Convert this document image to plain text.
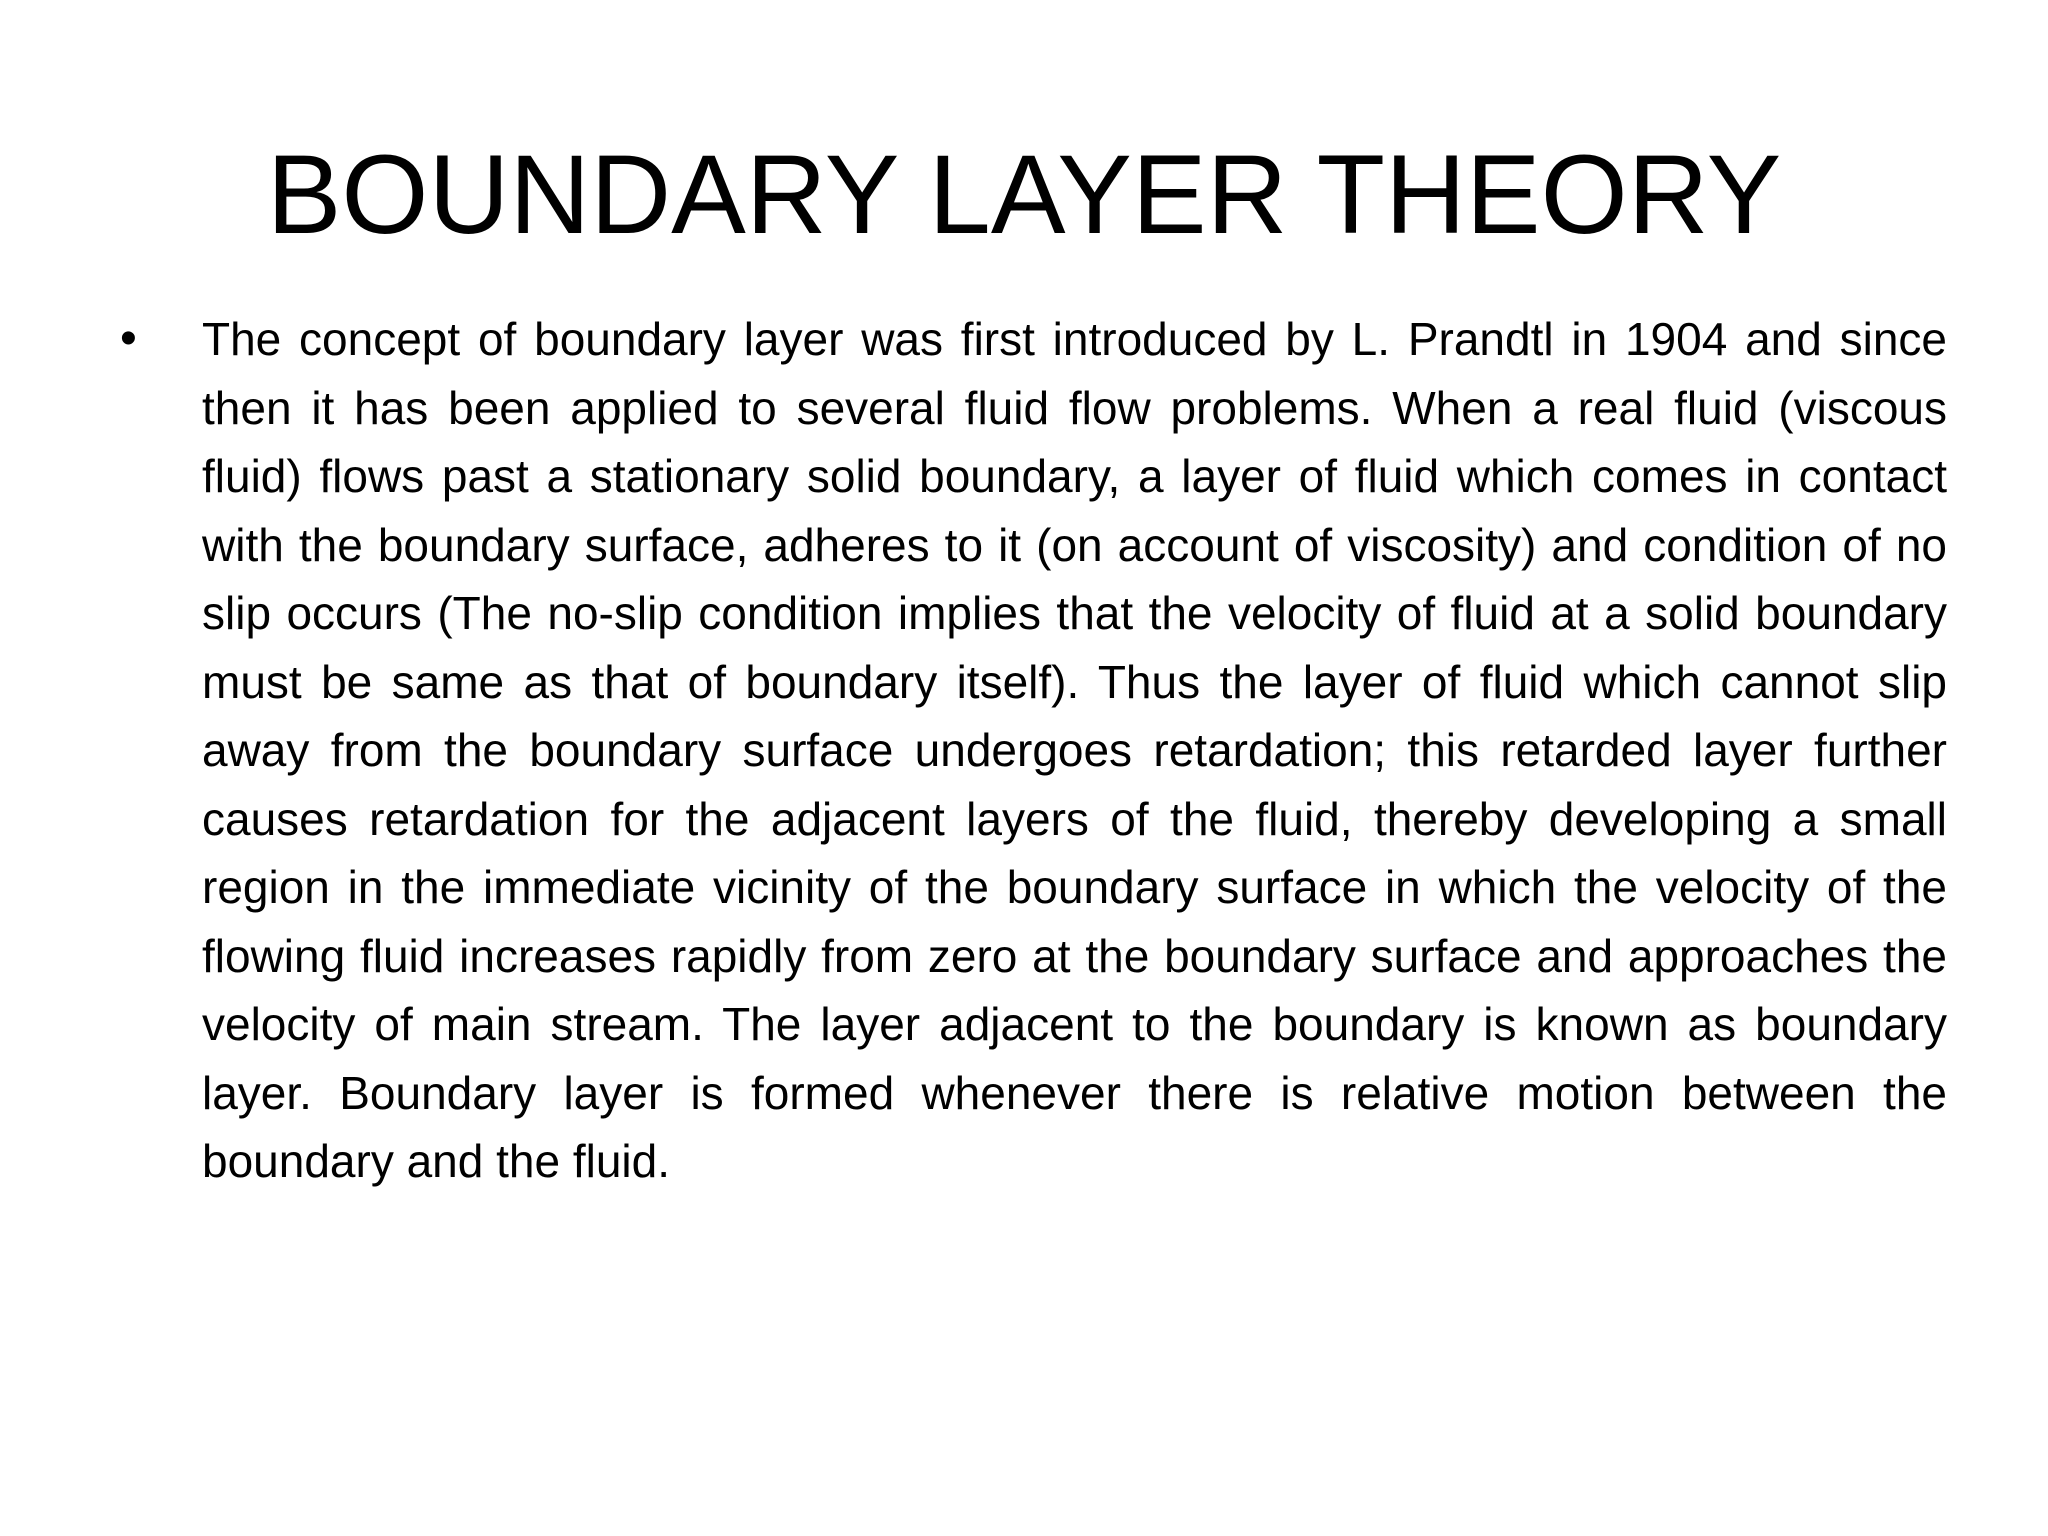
BOUNDARY LAYER THEORY
• The concept of boundary layer was first introduced by L. Prandtl in 1904 and since then it has been applied to several fluid flow problems. When a real fluid (viscous fluid) flows past a stationary solid boundary, a layer of fluid which comes in contact with the boundary surface, adheres to it (on account of viscosity) and condition of no slip occurs (The no-slip condition implies that the velocity of fluid at a solid boundary must be same as that of boundary itself). Thus the layer of fluid which cannot slip away from the boundary surface undergoes retardation; this retarded layer further causes retardation for the adjacent layers of the fluid, thereby developing a small region in the immediate vicinity of the boundary surface in which the velocity of the flowing fluid increases rapidly from zero at the boundary surface and approaches the velocity of main stream. The layer adjacent to the boundary is known as boundary layer. Boundary layer is formed whenever there is relative motion between the boundary and the fluid.
